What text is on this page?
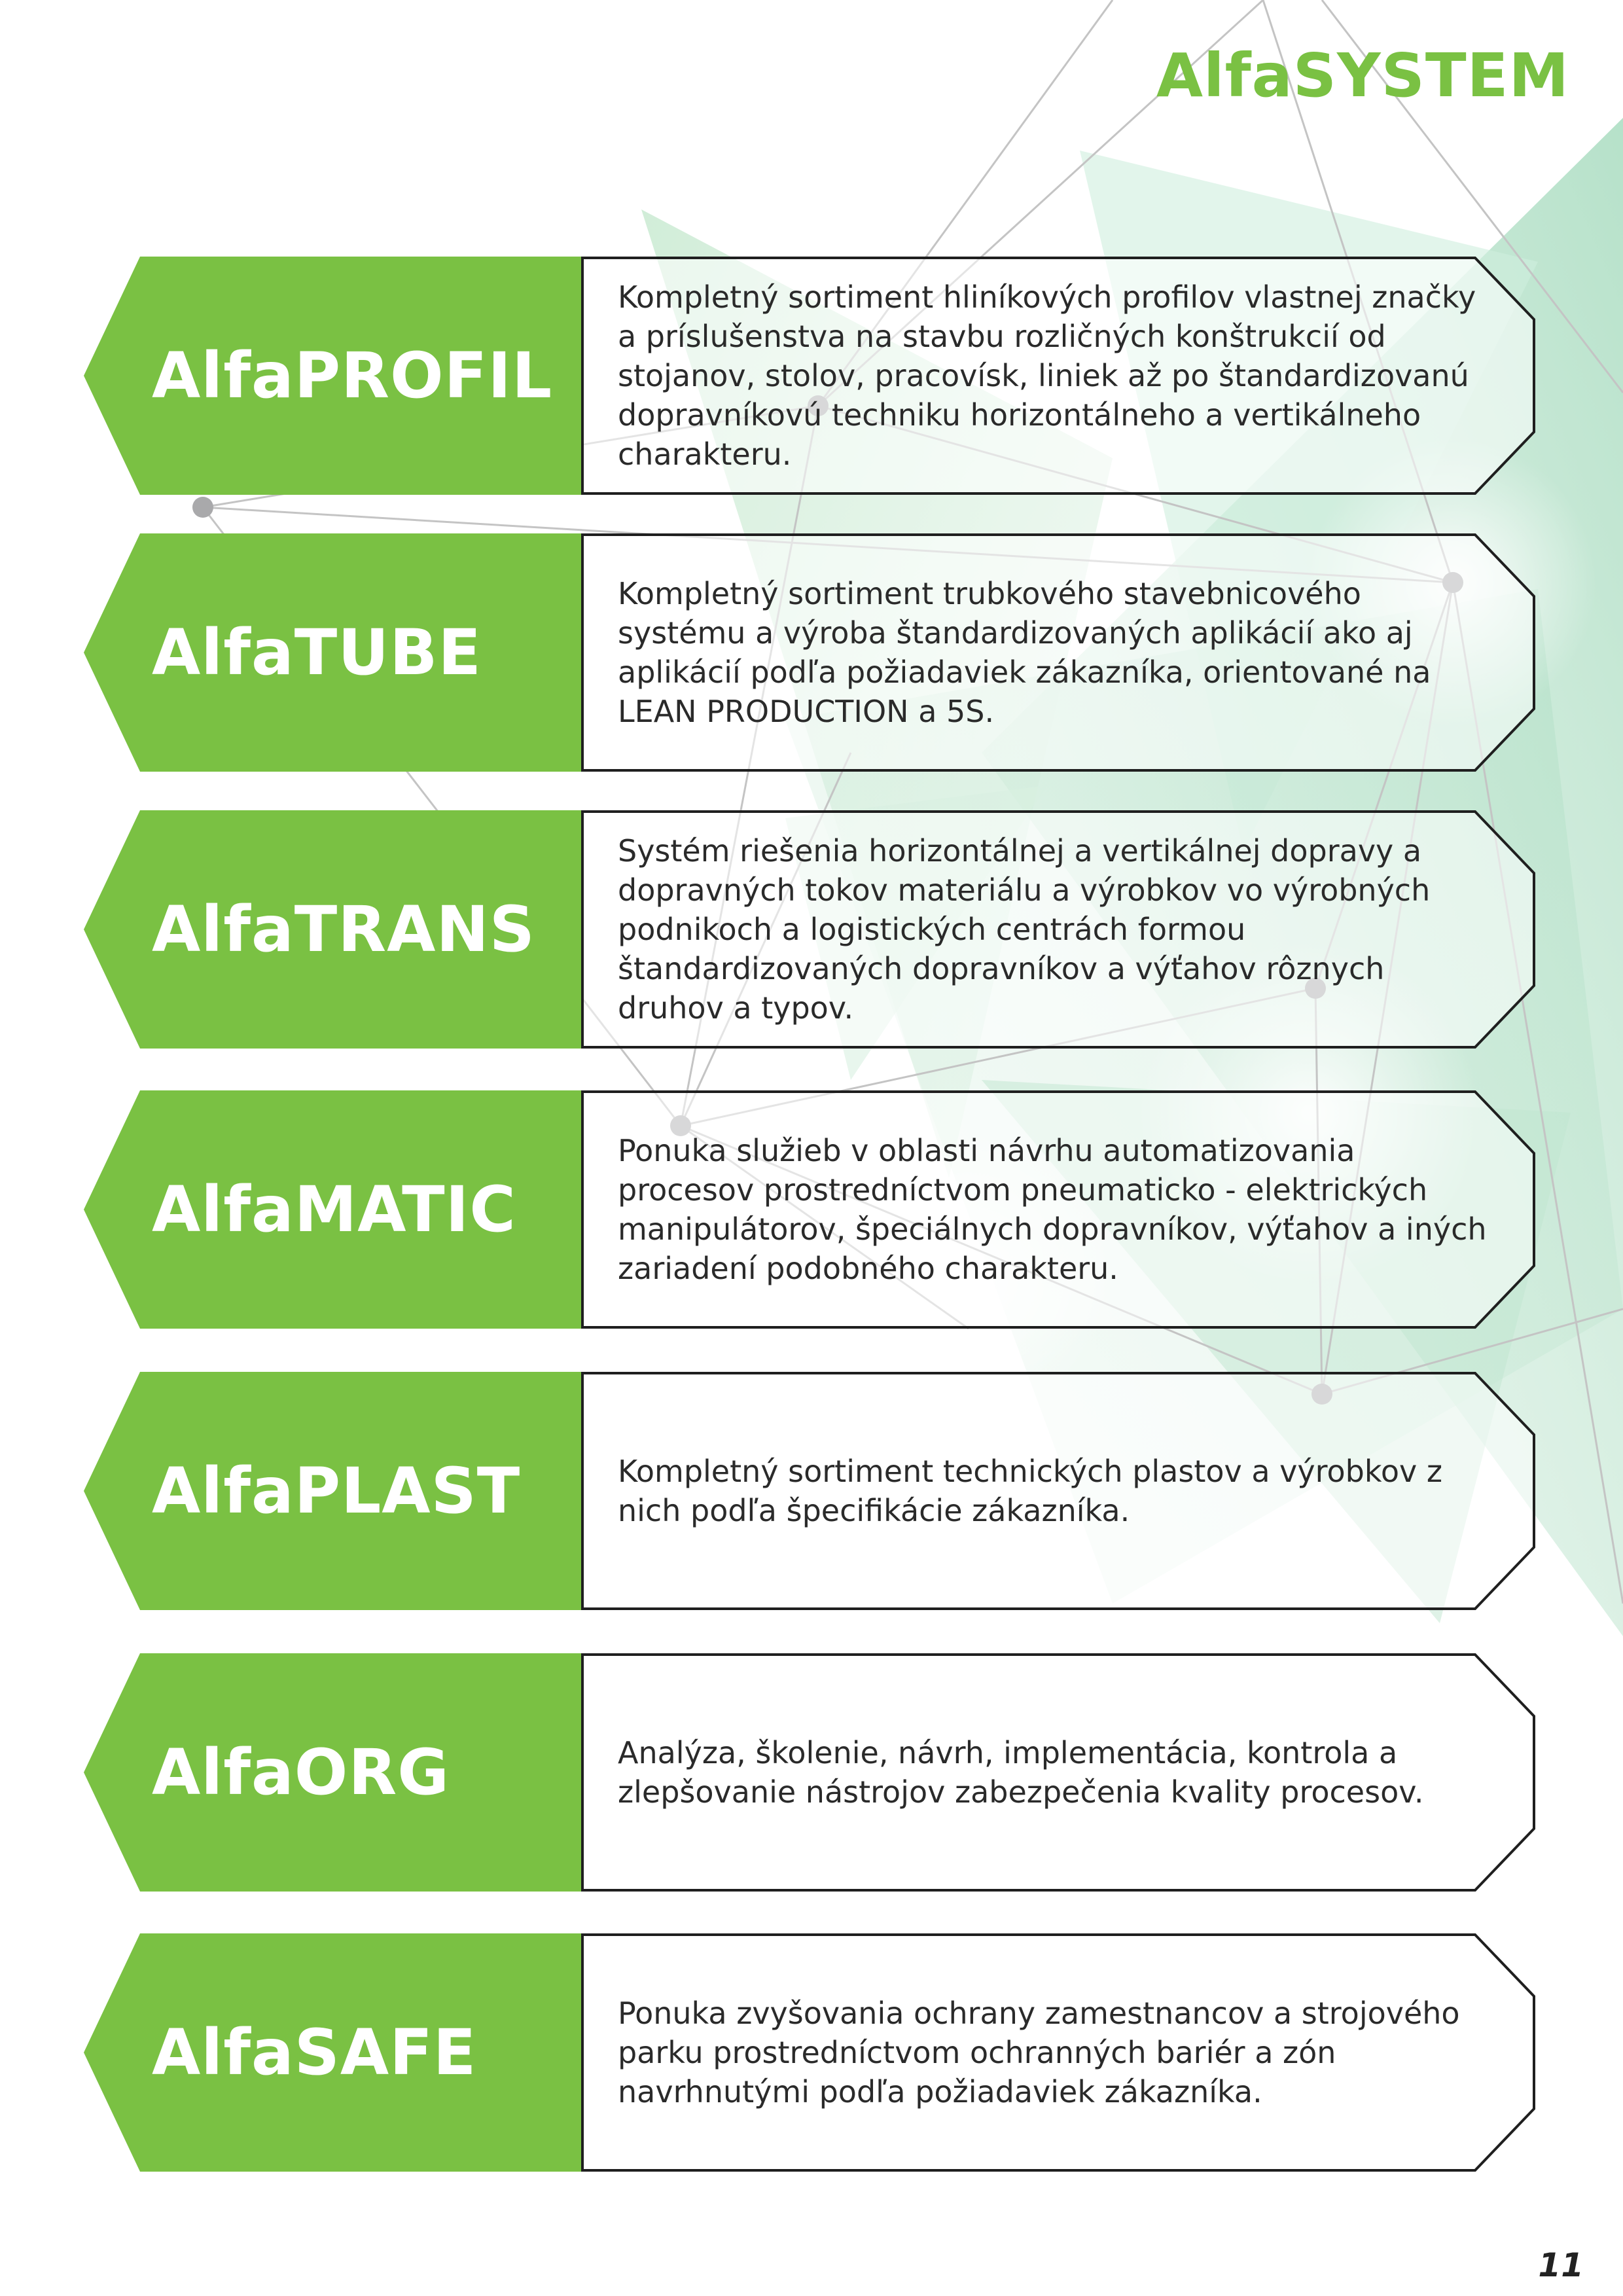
AlfaSYSTEM
AlfaPROFIL
Kompletný sortiment hliníkových profilov vlastnej značky a príslušenstva na stavbu rozličných konštrukcií od stojanov, stolov, pracovísk, liniek až po štandardizovanú dopravníkovú techniku horizontálneho a vertikálneho charakteru.
AlfaTUBE
Kompletný sortiment trubkového stavebnicového systému a výroba štandardizovaných aplikácií ako aj aplikácií podľa požiadaviek zákazníka, orientované na LEAN PRODUCTION a 5S.
AlfaTRANS
Systém riešenia horizontálnej a vertikálnej dopravy a dopravných tokov materiálu a výrobkov vo výrobných podnikoch a logistických centrách formou štandardizovaných dopravníkov a výťahov rôznych druhov a typov.
AlfaMATIC
Ponuka služieb v oblasti návrhu automatizovania procesov prostredníctvom pneumaticko - elektrických manipulátorov, špeciálnych dopravníkov, výťahov a iných zariadení podobného charakteru.
AlfaPLAST	Kompletný sortiment technických plastov a výrobkov z nich podľa špecifikácie zákazníka.
AlfaORG	Analýza, školenie, návrh, implementácia, kontrola a zlepšovanie nástrojov zabezpečenia kvality procesov.
AlfaSAFE
Ponuka zvyšovania ochrany zamestnancov a strojového parku prostredníctvom ochranných bariér a zón navrhnutými podľa požiadaviek zákazníka.
11
